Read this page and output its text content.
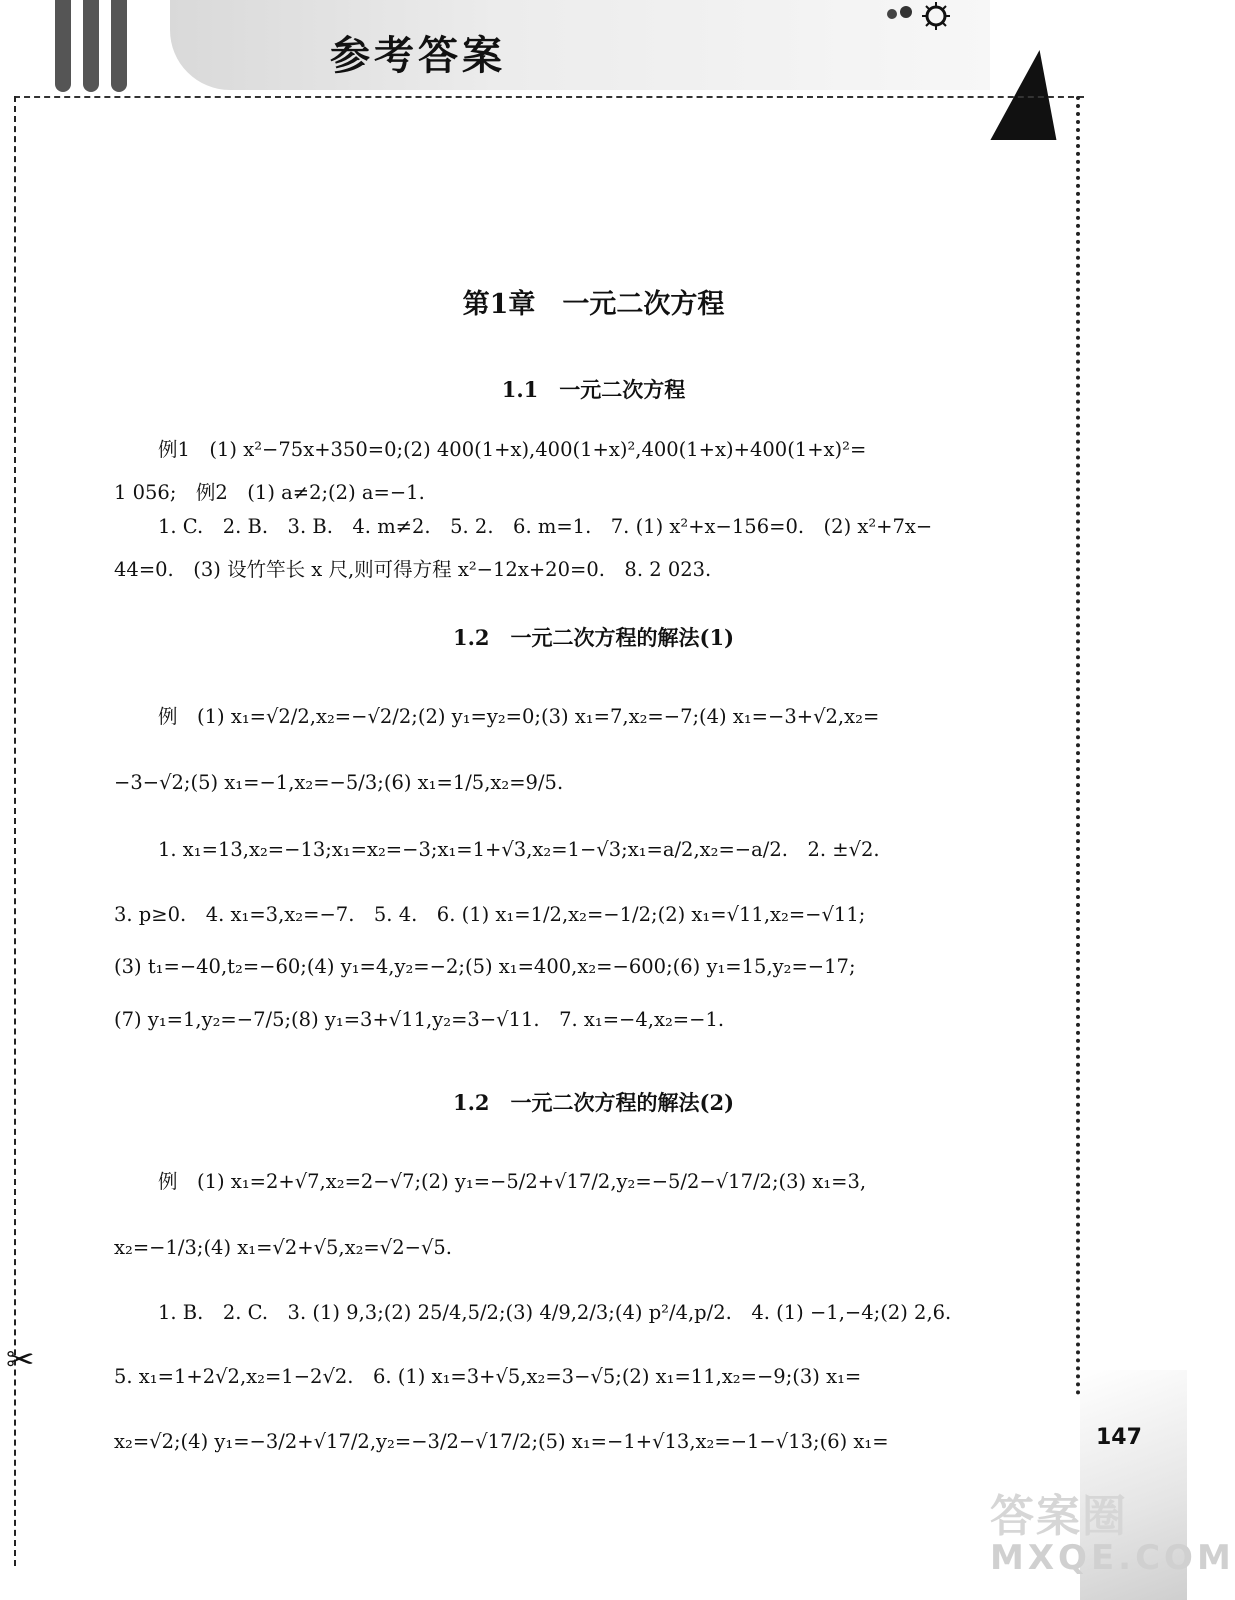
参考答案
147
答案圈
MXQE.COM
✂
第1章　一元二次方程
1.1　一元二次方程
例1　(1) x²−75x+350=0;(2) 400(1+x),400(1+x)²,400(1+x)+400(1+x)²=
1 056;　例2　(1) a≠2;(2) a=−1.
1. C.　2. B.　3. B.　4. m≠2.　5. 2.　6. m=1.　7. (1) x²+x−156=0.　(2) x²+7x−
44=0.　(3) 设竹竿长 x 尺,则可得方程 x²−12x+20=0.　8. 2 023.
1.2　一元二次方程的解法(1)
例　(1) x₁=√2/2,x₂=−√2/2;(2) y₁=y₂=0;(3) x₁=7,x₂=−7;(4) x₁=−3+√2,x₂=
−3−√2;(5) x₁=−1,x₂=−5/3;(6) x₁=1/5,x₂=9/5.
1. x₁=13,x₂=−13;x₁=x₂=−3;x₁=1+√3,x₂=1−√3;x₁=a/2,x₂=−a/2.　2. ±√2.
3. p≥0.　4. x₁=3,x₂=−7.　5. 4.　6. (1) x₁=1/2,x₂=−1/2;(2) x₁=√11,x₂=−√11;
(3) t₁=−40,t₂=−60;(4) y₁=4,y₂=−2;(5) x₁=400,x₂=−600;(6) y₁=15,y₂=−17;
(7) y₁=1,y₂=−7/5;(8) y₁=3+√11,y₂=3−√11.　7. x₁=−4,x₂=−1.
1.2　一元二次方程的解法(2)
例　(1) x₁=2+√7,x₂=2−√7;(2) y₁=−5/2+√17/2,y₂=−5/2−√17/2;(3) x₁=3,
x₂=−1/3;(4) x₁=√2+√5,x₂=√2−√5.
1. B.　2. C.　3. (1) 9,3;(2) 25/4,5/2;(3) 4/9,2/3;(4) p²/4,p/2.　4. (1) −1,−4;(2) 2,6.
5. x₁=1+2√2,x₂=1−2√2.　6. (1) x₁=3+√5,x₂=3−√5;(2) x₁=11,x₂=−9;(3) x₁=
x₂=√2;(4) y₁=−3/2+√17/2,y₂=−3/2−√17/2;(5) x₁=−1+√13,x₂=−1−√13;(6) x₁=
